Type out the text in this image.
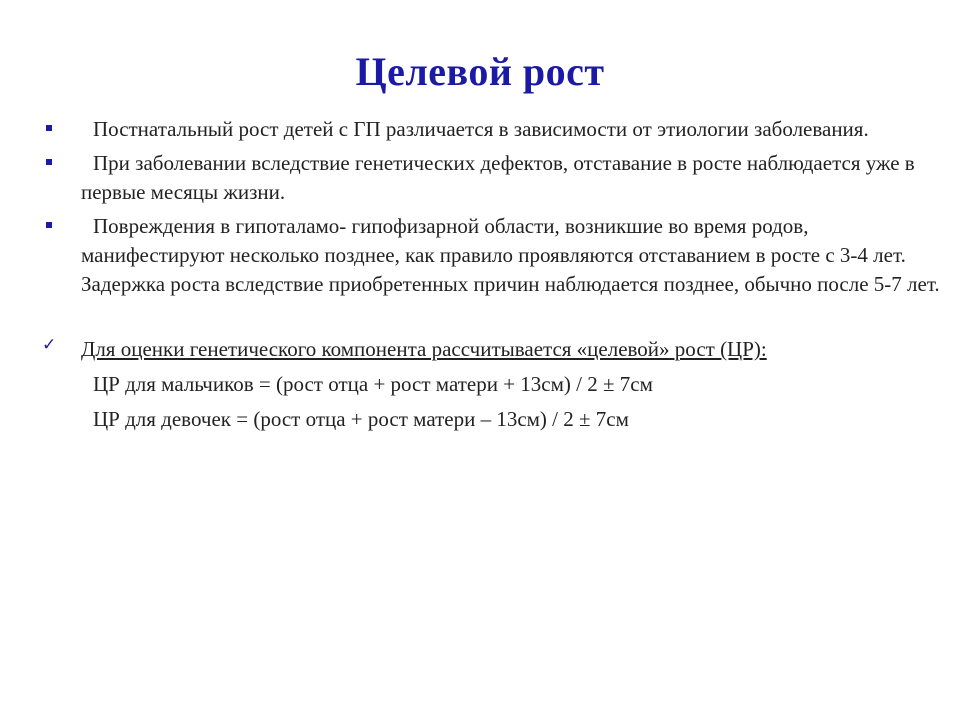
Целевой рост
Постнатальный рост детей с ГП различается в зависимости от этиологии заболевания.
При заболевании вследствие генетических дефектов, отставание в росте наблюдается уже в первые месяцы жизни.
Повреждения в гипоталамо- гипофизарной области, возникшие во время родов, манифестируют несколько позднее, как правило проявляются отставанием в росте с 3-4 лет. Задержка роста вследствие приобретенных причин наблюдается позднее, обычно после 5-7 лет.
✓ Для оценки генетического компонента рассчитывается «целевой» рост (ЦР):
ЦР для мальчиков = (рост отца + рост матери + 13см) / 2 ± 7см
ЦР для девочек = (рост отца + рост матери – 13см) / 2 ± 7см
